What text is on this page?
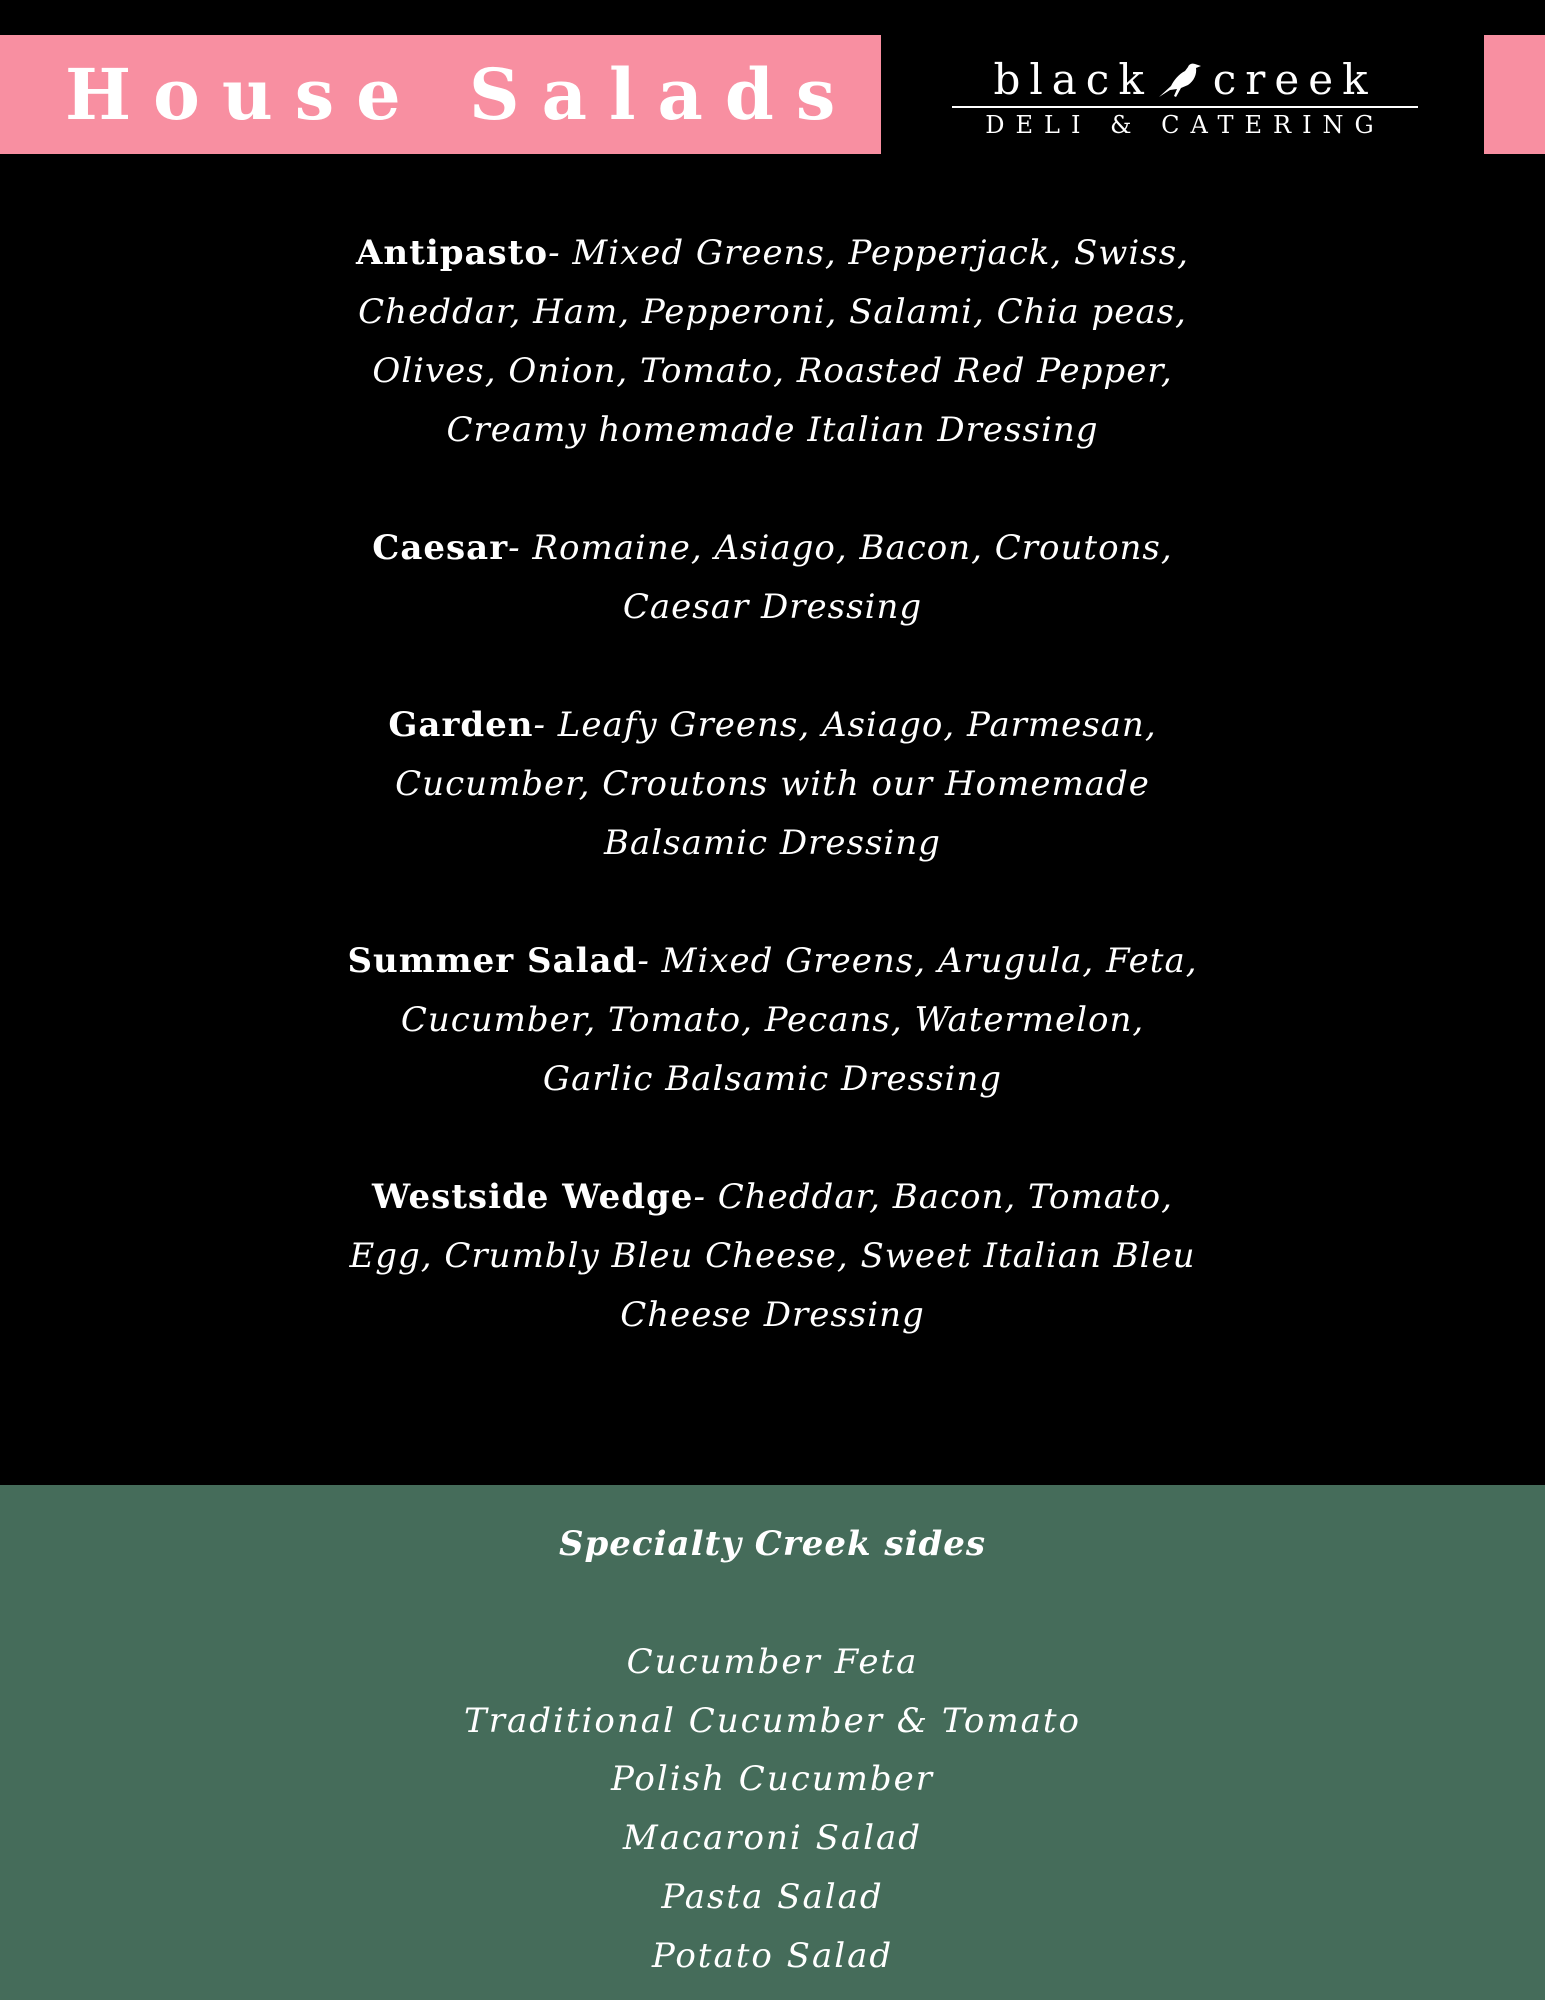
House Salads	black creek
DELI & CATERING

Antipasto- Mixed Greens, Pepperjack, Swiss, Cheddar, Ham, Pepperoni, Salami, Chia peas, Olives, Onion, Tomato, Roasted Red Pepper, Creamy homemade Italian Dressing

Caesar- Romaine, Asiago, Bacon, Croutons, Caesar Dressing

Garden- Leafy Greens, Asiago, Parmesan, Cucumber, Croutons with our Homemade Balsamic Dressing

Summer Salad- Mixed Greens, Arugula, Feta, Cucumber, Tomato, Pecans, Watermelon, Garlic Balsamic Dressing

Westside Wedge- Cheddar, Bacon, Tomato, Egg, Crumbly Bleu Cheese, Sweet Italian Bleu Cheese Dressing

Specialty Creek sides
Cucumber Feta
Traditional Cucumber & Tomato
Polish Cucumber
Macaroni Salad
Pasta Salad
Potato Salad
